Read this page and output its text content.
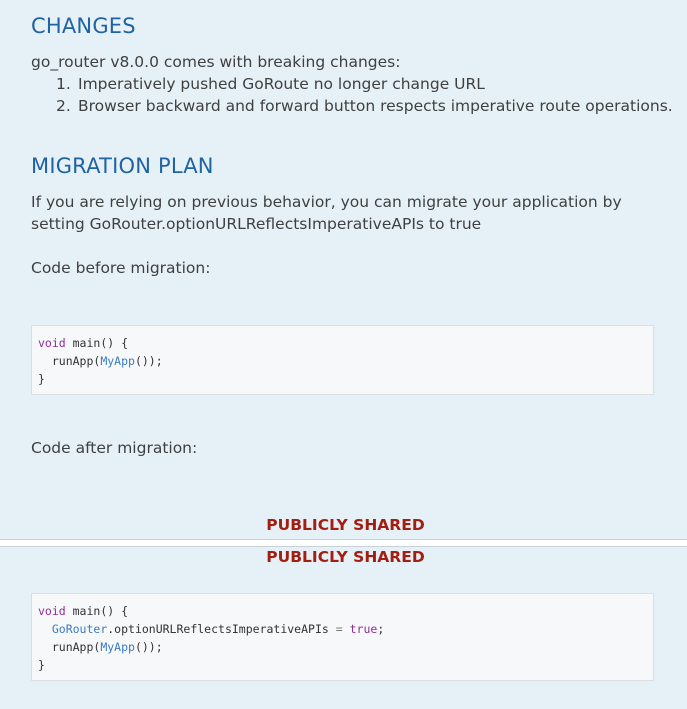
CHANGES
go_router v8.0.0 comes with breaking changes:
1. Imperatively pushed GoRoute no longer change URL
2. Browser backward and forward button respects imperative route operations.
MIGRATION PLAN
If you are relying on previous behavior, you can migrate your application by setting GoRouter.optionURLReflectsImperativeAPIs to true
Code before migration:
void main() {
runApp(MyApp());
}
Code after migration:
PUBLICLY SHARED
PUBLICLY SHARED
void main() {
GoRouter.optionURLReflectsImperativeAPIs = true;
runApp(MyApp());
}
